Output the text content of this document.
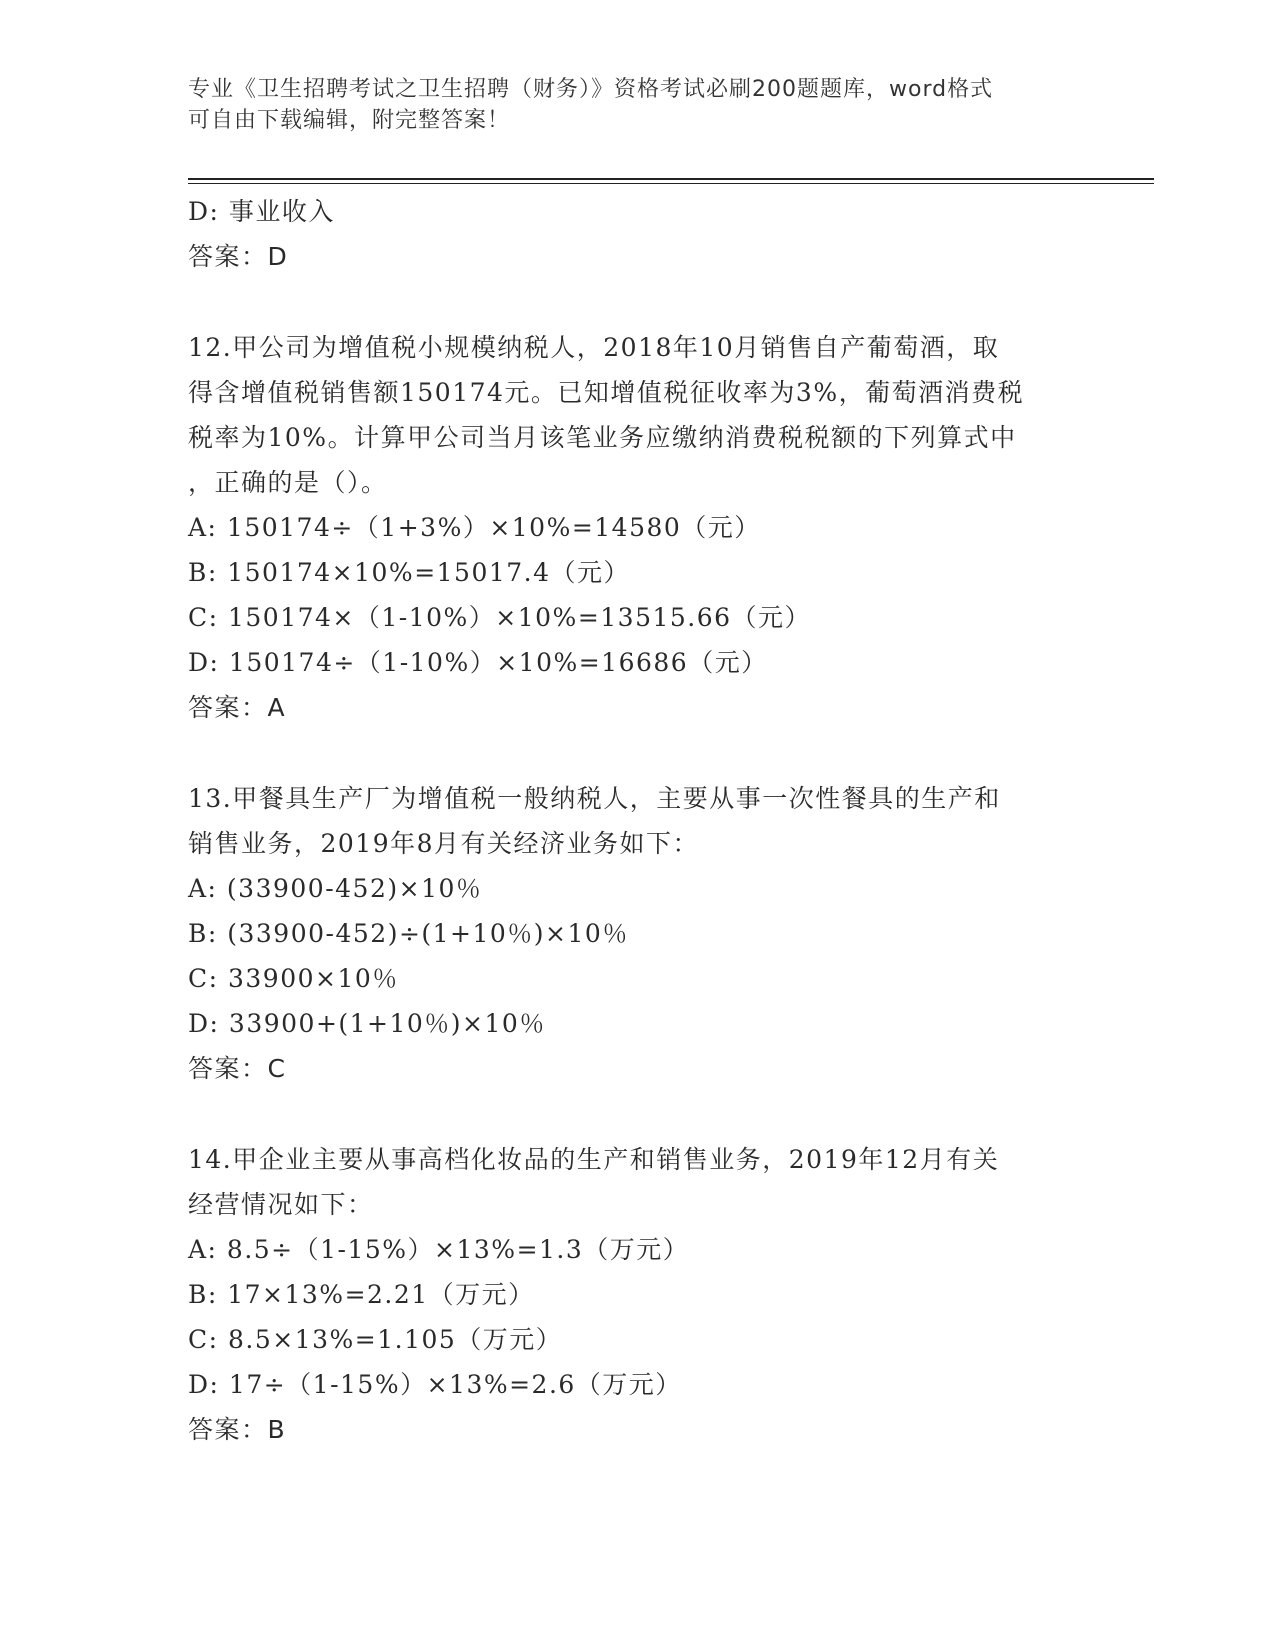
专业《卫生招聘考试之卫生招聘（财务）》资格考试必刷200题题库，word格式
可自由下载编辑，附完整答案！
D: 事业收入
答案：D
12.甲公司为增值税小规模纳税人，2018年10月销售自产葡萄酒，取
得含增值税销售额150174元。已知增值税征收率为3%，葡萄酒消费税
税率为10%。计算甲公司当月该笔业务应缴纳消费税税额的下列算式中
，正确的是（）。
A: 150174÷（1+3%）×10%=14580（元）
B: 150174×10%=15017.4（元）
C: 150174×（1-10%）×10%=13515.66（元）
D: 150174÷（1-10%）×10%=16686（元）
答案：A
13.甲餐具生产厂为增值税一般纳税人，主要从事一次性餐具的生产和
销售业务，2019年8月有关经济业务如下：
A: (33900-452)×10％
B: (33900-452)÷(1+10％)×10％
C: 33900×10％
D: 33900+(1+10％)×10％
答案：C
14.甲企业主要从事高档化妆品的生产和销售业务，2019年12月有关
经营情况如下：
A: 8.5÷（1-15%）×13%=1.3（万元）
B: 17×13%=2.21（万元）
C: 8.5×13%=1.105（万元）
D: 17÷（1-15%）×13%=2.6（万元）
答案：B
